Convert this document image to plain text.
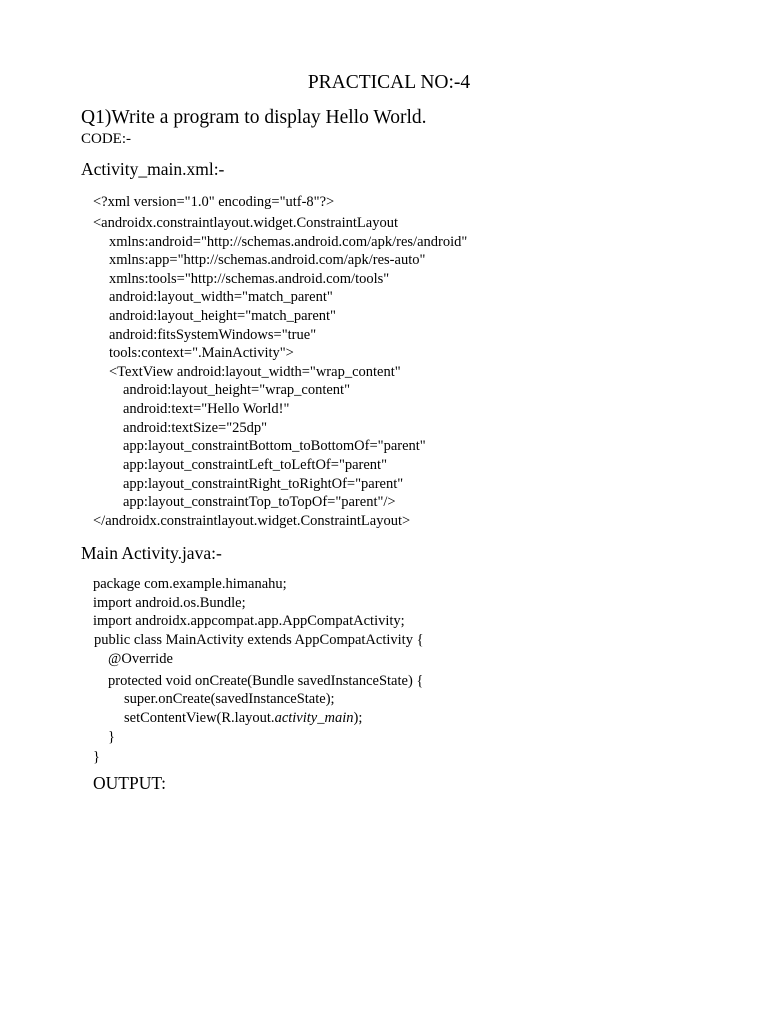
PRACTICAL NO:-4
Q1)Write a program to display Hello World.
CODE:-
Activity_main.xml:-
<?xml version="1.0" encoding="utf-8"?>
<androidx.constraintlayout.widget.ConstraintLayout
xmlns:android="http://schemas.android.com/apk/res/android"
xmlns:app="http://schemas.android.com/apk/res-auto"
xmlns:tools="http://schemas.android.com/tools"
android:layout_width="match_parent"
android:layout_height="match_parent"
android:fitsSystemWindows="true"
tools:context=".MainActivity">
<TextView android:layout_width="wrap_content"
android:layout_height="wrap_content"
android:text="Hello World!"
android:textSize="25dp"
app:layout_constraintBottom_toBottomOf="parent"
app:layout_constraintLeft_toLeftOf="parent"
app:layout_constraintRight_toRightOf="parent"
app:layout_constraintTop_toTopOf="parent"/>
</androidx.constraintlayout.widget.ConstraintLayout>
Main Activity.java:-
package com.example.himanahu;
import android.os.Bundle;
import androidx.appcompat.app.AppCompatActivity;
public class MainActivity extends AppCompatActivity {
@Override
protected void onCreate(Bundle savedInstanceState) {
super.onCreate(savedInstanceState);
setContentView(R.layout.activity_main);
}
}
OUTPUT:
